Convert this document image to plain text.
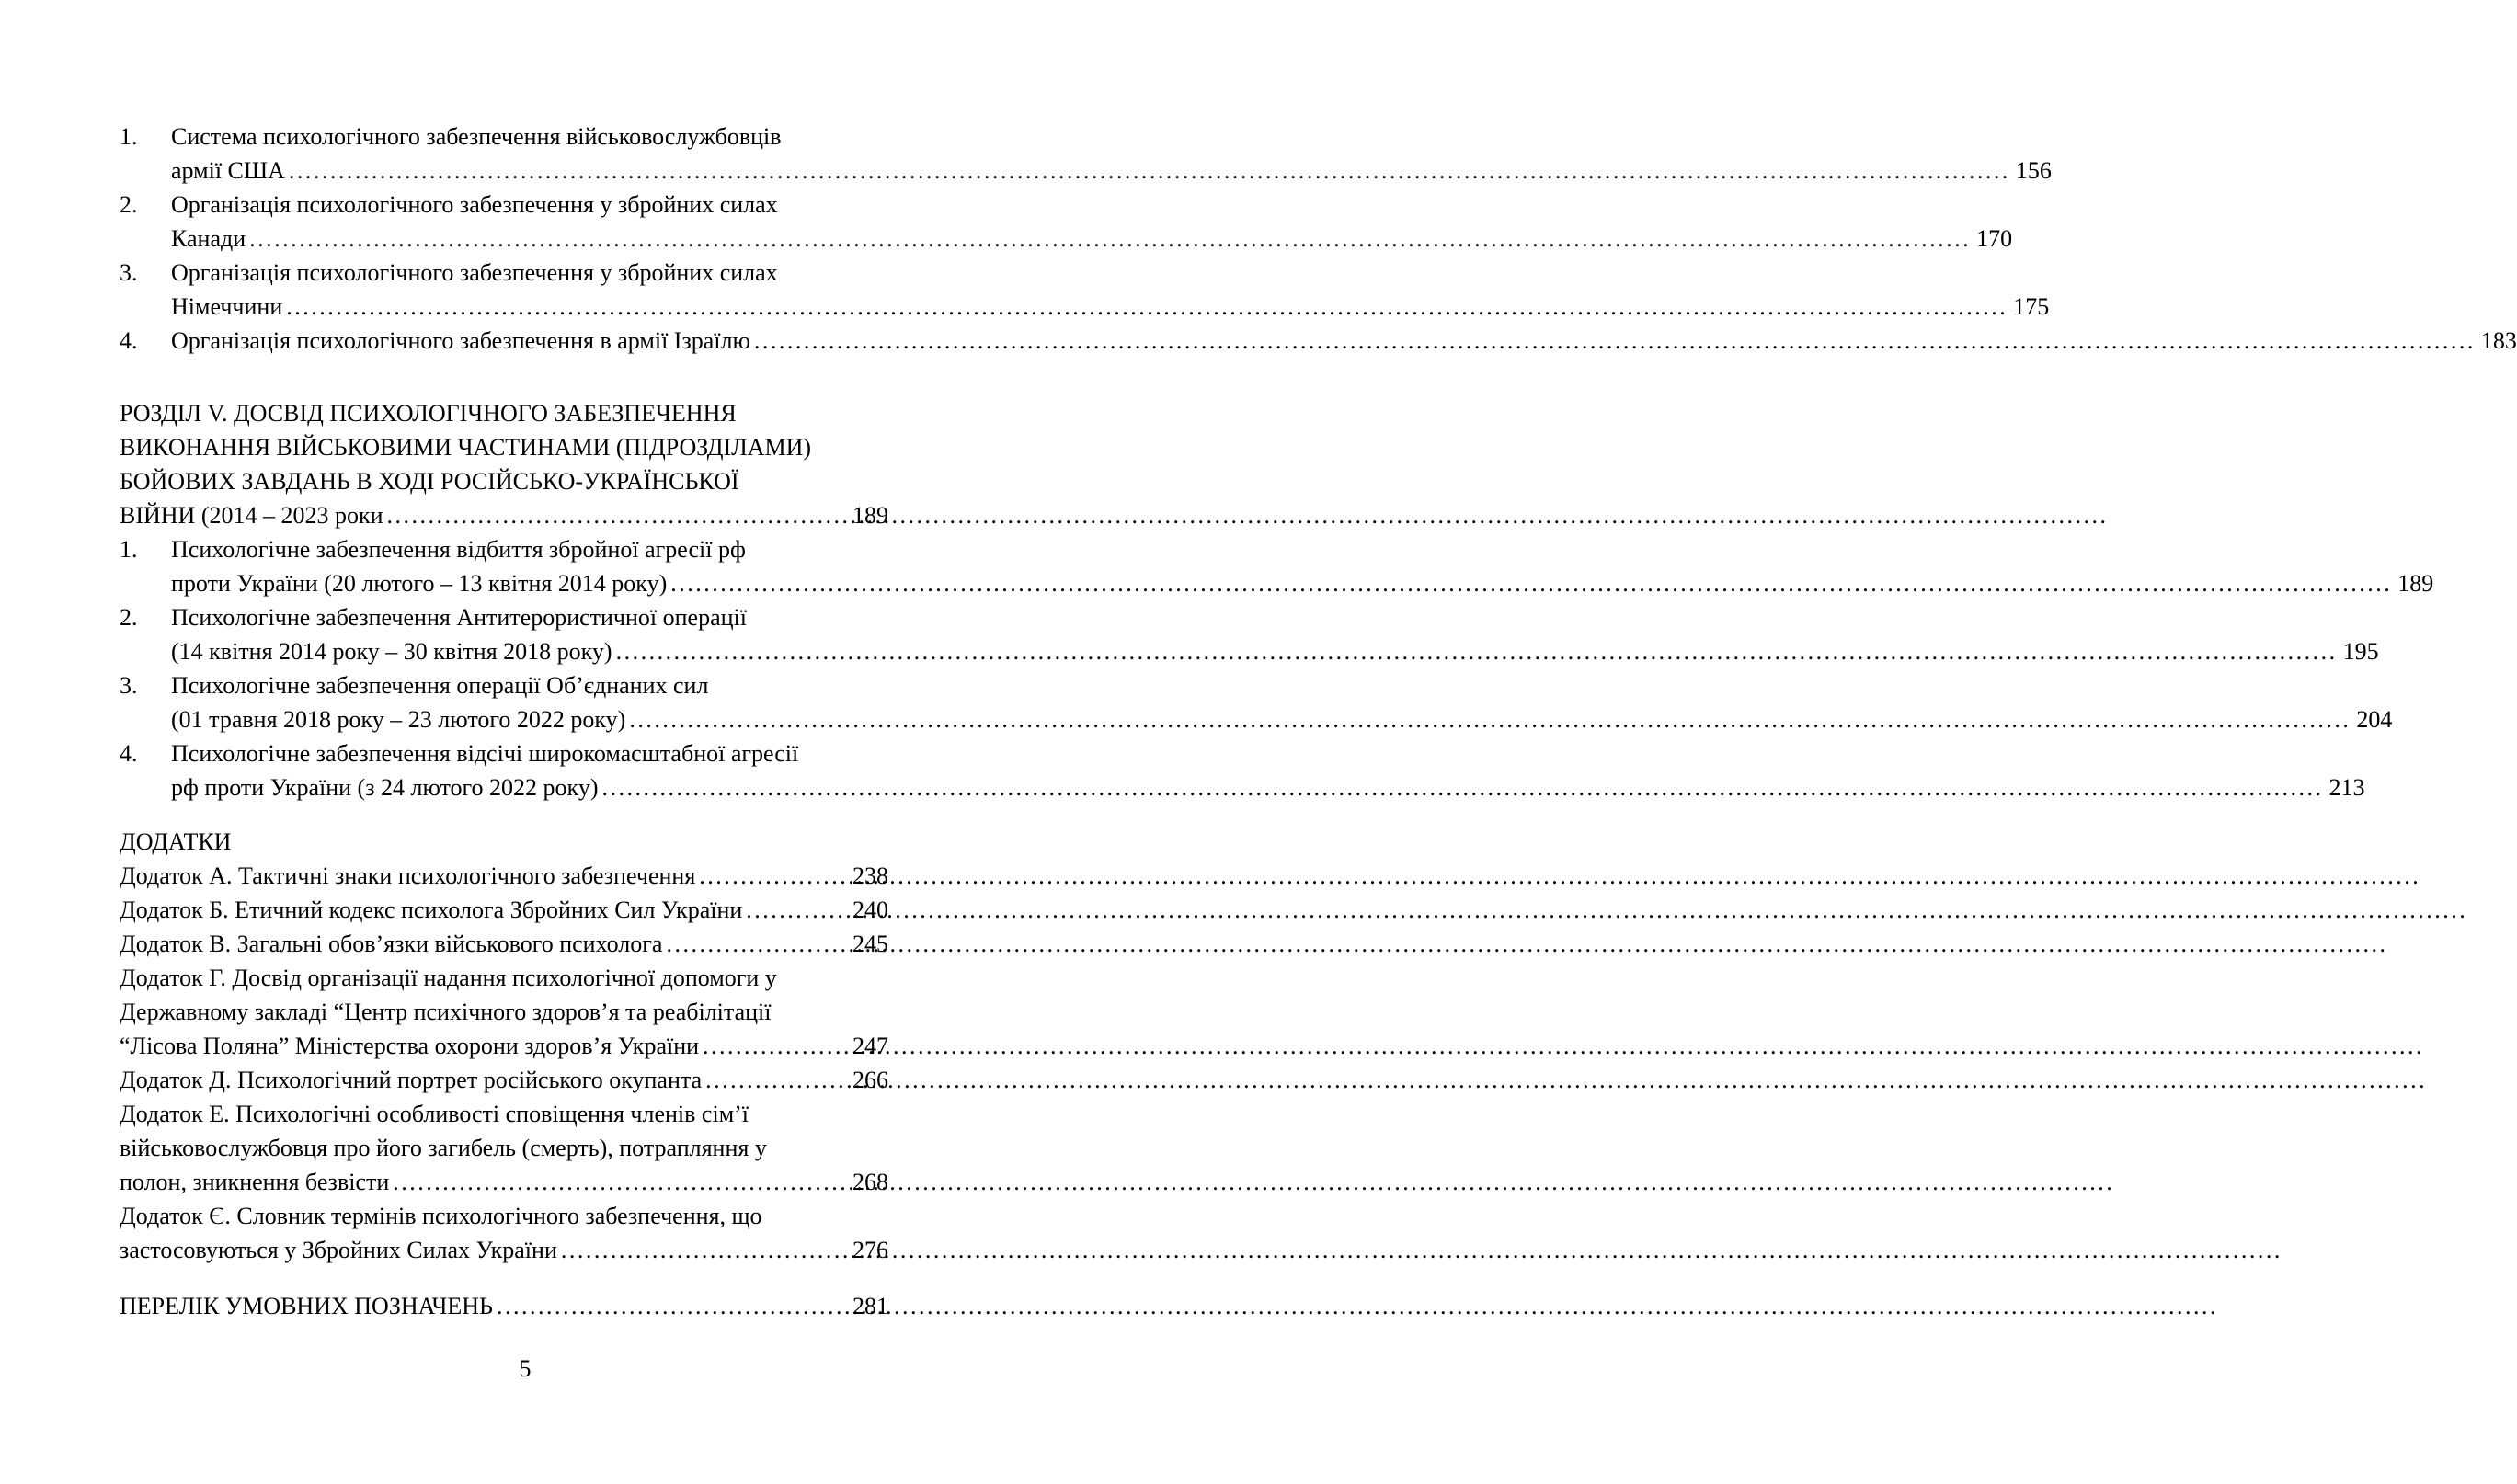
1.	Система психологічного забезпечення військовослужбовців
армії США .....	156
2.	Організація психологічного забезпечення у збройних силах
Канади .....	170
3.	Організація психологічного забезпечення у збройних силах
Німеччини .....	175
4.	Організація психологічного забезпечення в армії Ізраїлю .....	183
РОЗДІЛ V. ДОСВІД ПСИХОЛОГІЧНОГО ЗАБЕЗПЕЧЕННЯ
ВИКОНАННЯ ВІЙСЬКОВИМИ ЧАСТИНАМИ (ПІДРОЗДІЛАМИ)
БОЙОВИХ ЗАВДАНЬ В ХОДІ РОСІЙСЬКО-УКРАЇНСЬКОЇ
ВІЙНИ (2014 – 2023 роки .....	189
1.	Психологічне забезпечення відбиття збройної агресії рф
проти України (20 лютого – 13 квітня 2014 року) .....	189
2.	Психологічне забезпечення Антитерористичної операції
(14 квітня 2014 року – 30 квітня 2018 року) .....	195
3.	Психологічне забезпечення операції Об’єднаних сил
(01 травня 2018 року – 23 лютого 2022 року) .....	204
4.	Психологічне забезпечення відсічі широкомасштабної агресії
рф проти України (з 24 лютого 2022 року) .....	213
ДОДАТКИ
Додаток А. Тактичні знаки психологічного забезпечення .....	238
Додаток Б. Етичний кодекс психолога Збройних Сил України .....	240
Додаток В. Загальні обов’язки військового психолога .....	245
Додаток Г. Досвід організації надання психологічної допомоги у
Державному закладі “Центр психічного здоров’я та реабілітації
“Лісова Поляна” Міністерства охорони здоров’я України .....	247
Додаток Д. Психологічний портрет російського окупанта .....	266
Додаток Е. Психологічні особливості сповіщення членів сім’ї
військовослужбовця про його загибель (смерть), потрапляння у
полон, зникнення безвісти .....	268
Додаток Є. Словник термінів психологічного забезпечення, що
застосовуються у Збройних Силах України .....	276
ПЕРЕЛІК УМОВНИХ ПОЗНАЧЕНЬ .....	281
5
